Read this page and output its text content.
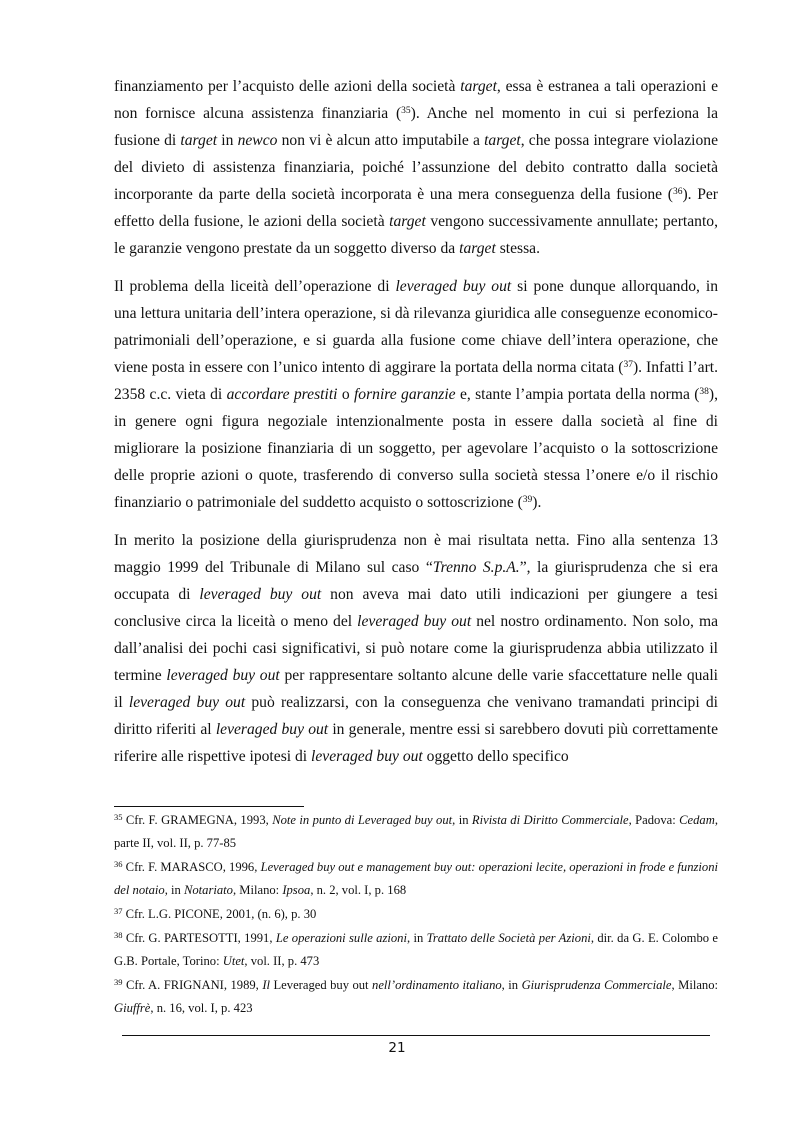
finanziamento per l’acquisto delle azioni della società target, essa è estranea a tali operazioni e non fornisce alcuna assistenza finanziaria ($^{35}$). Anche nel momento in cui si perfeziona la fusione di target in newco non vi è alcun atto imputabile a target, che possa integrare violazione del divieto di assistenza finanziaria, poiché l’assunzione del debito contratto dalla società incorporante da parte della società incorporata è una mera conseguenza della fusione ($^{36}$). Per effetto della fusione, le azioni della società target vengono successivamente annullate; pertanto, le garanzie vengono prestate da un soggetto diverso da target stessa.

Il problema della liceità dell’operazione di leveraged buy out si pone dunque allorquando, in una lettura unitaria dell’intera operazione, si dà rilevanza giuridica alle conseguenze economico-patrimoniali dell’operazione, e si guarda alla fusione come chiave dell’intera operazione, che viene posta in essere con l’unico intento di aggirare la portata della norma citata ($^{37}$). Infatti l’art. 2358 c.c. vieta di accordare prestiti o fornire garanzie e, stante l’ampia portata della norma ($^{38}$), in genere ogni figura negoziale intenzionalmente posta in essere dalla società al fine di migliorare la posizione finanziaria di un soggetto, per agevolare l’acquisto o la sottoscrizione delle proprie azioni o quote, trasferendo di converso sulla società stessa l’onere e/o il rischio finanziario o patrimoniale del suddetto acquisto o sottoscrizione ($^{39}$).

In merito la posizione della giurisprudenza non è mai risultata netta. Fino alla sentenza 13 maggio 1999 del Tribunale di Milano sul caso “Trenno S.p.A.”, la giurisprudenza che si era occupata di leveraged buy out non aveva mai dato utili indicazioni per giungere a tesi conclusive circa la liceità o meno del leveraged buy out nel nostro ordinamento. Non solo, ma dall’analisi dei pochi casi significativi, si può notare come la giurisprudenza abbia utilizzato il termine leveraged buy out per rappresentare soltanto alcune delle varie sfaccettature nelle quali il leveraged buy out può realizzarsi, con la conseguenza che venivano tramandati principi di diritto riferiti al leveraged buy out in generale, mentre essi si sarebbero dovuti più correttamente riferire alle rispettive ipotesi di leveraged buy out oggetto dello specifico

$^{35}$ Cfr. F. GRAMEGNA, 1993, Note in punto di Leveraged buy out, in Rivista di Diritto Commerciale, Padova: Cedam, parte II, vol. II, p. 77-85

$^{36}$ Cfr. F. MARASCO, 1996, Leveraged buy out e management buy out: operazioni lecite, operazioni in frode e funzioni del notaio, in Notariato, Milano: Ipsoa, n. 2, vol. I, p. 168

$^{37}$ Cfr. L.G. PICONE, 2001, (n. 6), p. 30

$^{38}$ Cfr. G. PARTESOTTI, 1991, Le operazioni sulle azioni, in Trattato delle Società per Azioni, dir. da G. E. Colombo e G.B. Portale, Torino: Utet, vol. II, p. 473

$^{39}$ Cfr. A. FRIGNANI, 1989, Il Leveraged buy out nell’ordinamento italiano, in Giurisprudenza Commerciale, Milano: Giuffrè, n. 16, vol. I, p. 423

21
